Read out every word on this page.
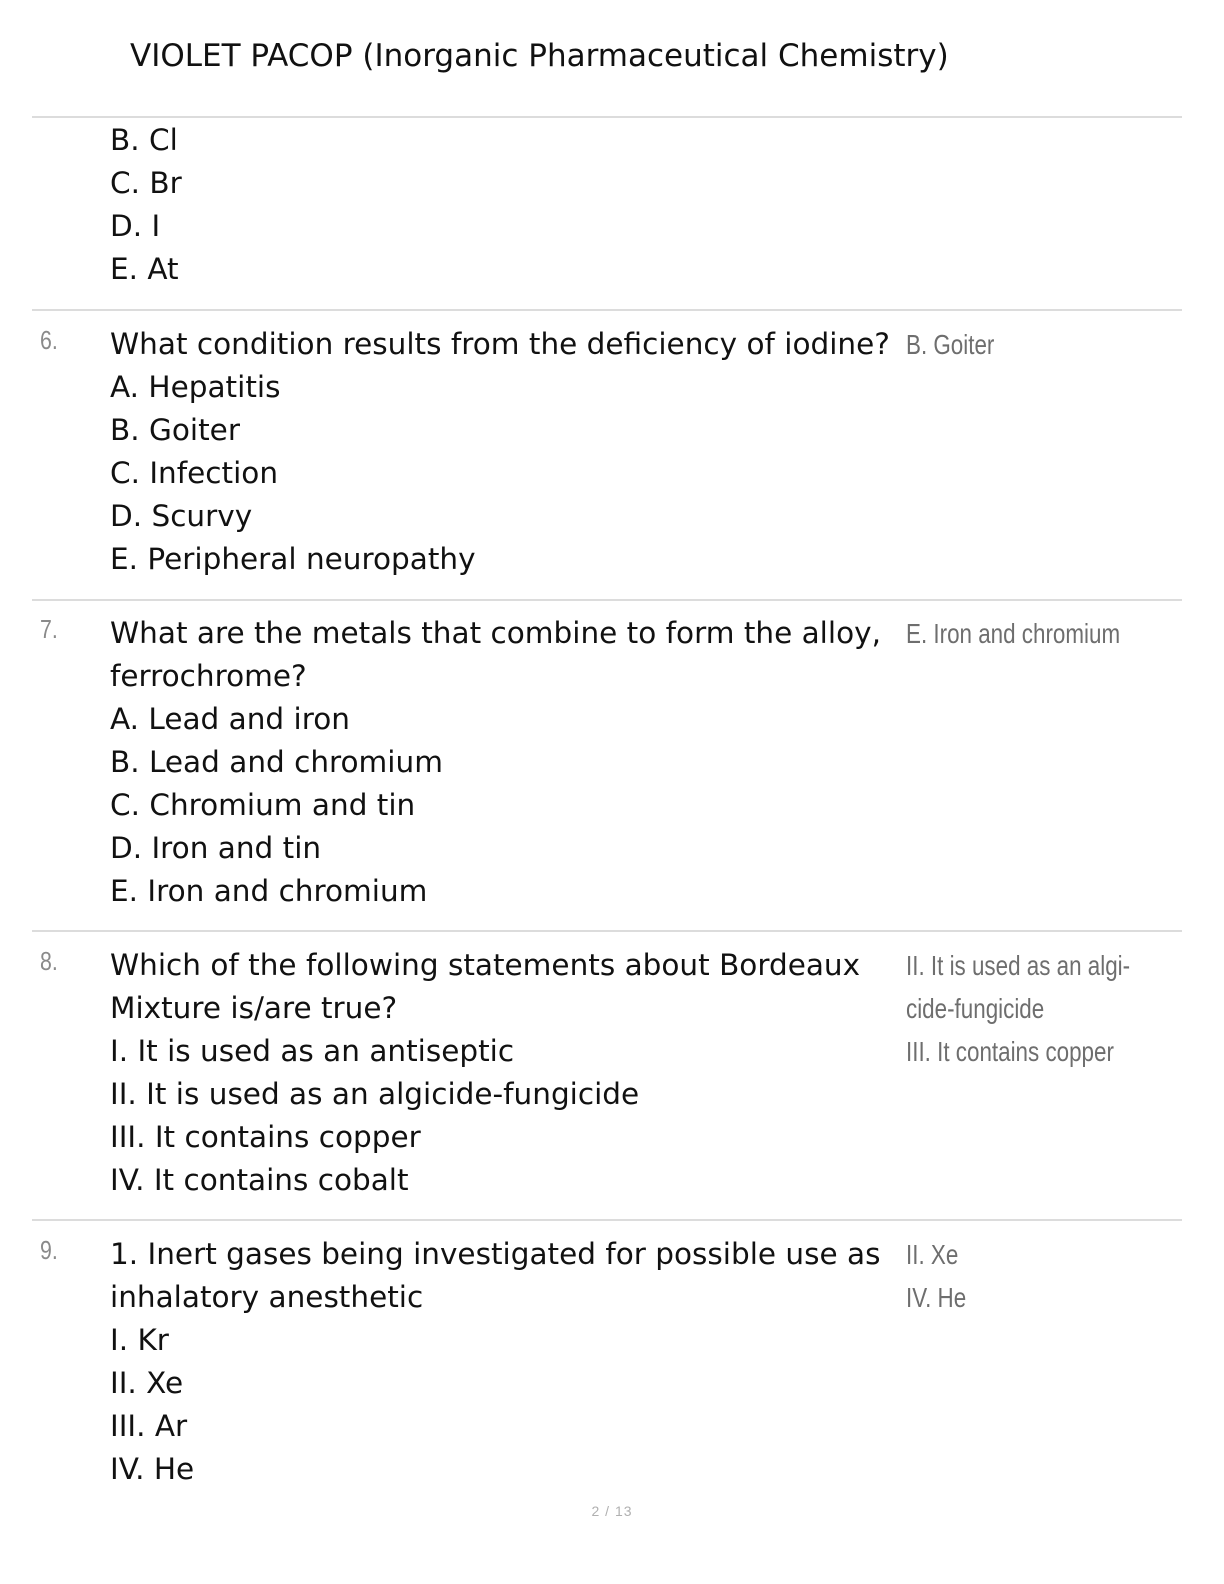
VIOLET PACOP (Inorganic Pharmaceutical Chemistry)
B. Cl
C. Br
D. I
E. At
6. What condition results from the deficiency of iodine?
A. Hepatitis
B. Goiter
C. Infection
D. Scurvy
E. Peripheral neuropathy
B. Goiter
7. What are the metals that combine to form the alloy,
ferrochrome?
A. Lead and iron
B. Lead and chromium
C. Chromium and tin
D. Iron and tin
E. Iron and chromium
E. Iron and chromium
8. Which of the following statements about Bordeaux
Mixture is/are true?
I. It is used as an antiseptic
II. It is used as an algicide-fungicide
III. It contains copper
IV. It contains cobalt
II. It is used as an algi-
cide-fungicide
III. It contains copper
9. 1. Inert gases being investigated for possible use as
inhalatory anesthetic
I. Kr
II. Xe
III. Ar
IV. He
II. Xe
IV. He
2 / 13
